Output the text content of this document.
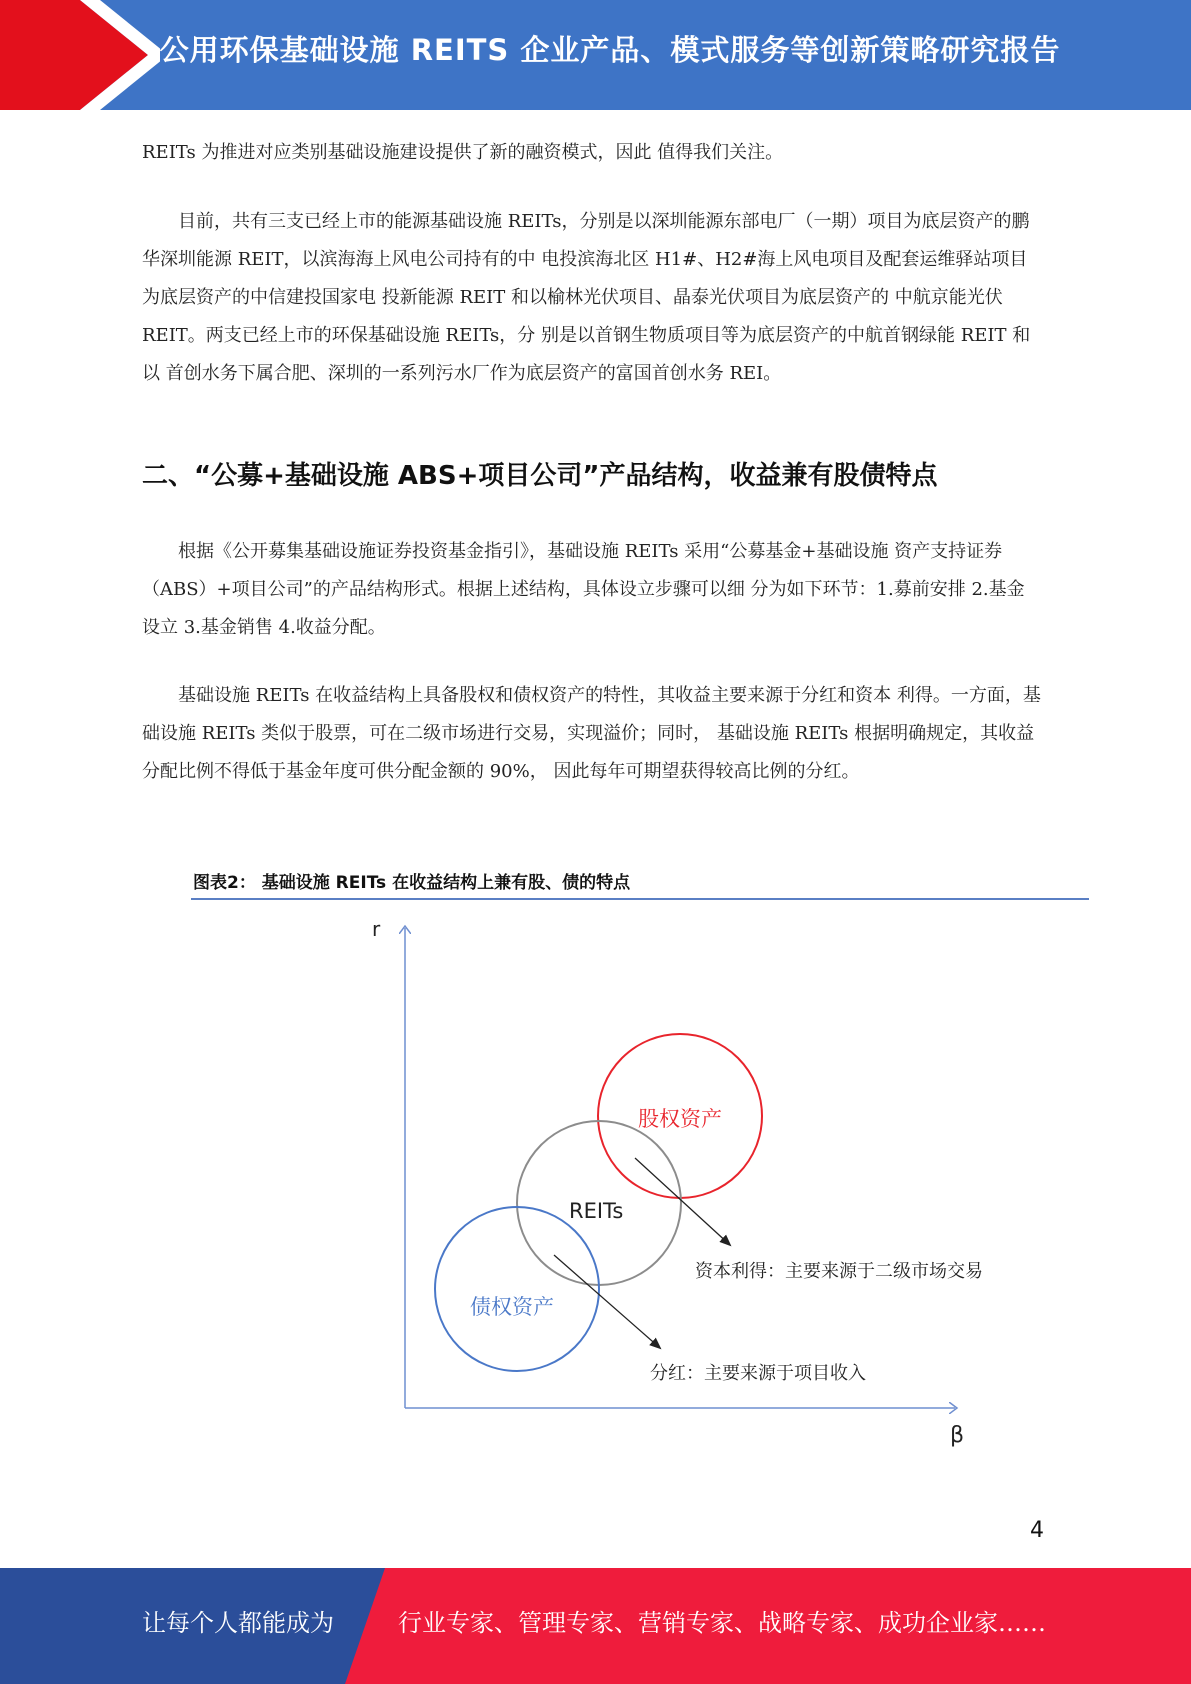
公用环保基础设施 REITS 企业产品、模式服务等创新策略研究报告

REITs 为推进对应类别基础设施建设提供了新的融资模式，因此 值得我们关注。

目前，共有三支已经上市的能源基础设施 REITs，分别是以深圳能源东部电厂（一期）项目为底层资产的鹏华深圳能源 REIT，以滨海海上风电公司持有的中 电投滨海北区 H1#、H2#海上风电项目及配套运维驿站项目为底层资产的中信建投国家电 投新能源 REIT 和以榆林光伏项目、晶泰光伏项目为底层资产的 中航京能光伏 REIT。两支已经上市的环保基础设施 REITs，分 别是以首钢生物质项目等为底层资产的中航首钢绿能 REIT 和以 首创水务下属合肥、深圳的一系列污水厂作为底层资产的富国首创水务 REI。

二、“公募+基础设施 ABS+项目公司”产品结构，收益兼有股债特点

根据《公开募集基础设施证券投资基金指引》，基础设施 REITs 采用“公募基金+基础设施 资产支持证券（ABS）+项目公司”的产品结构形式。根据上述结构，具体设立步骤可以细 分为如下环节：1.募前安排 2.基金设立 3.基金销售 4.收益分配。

基础设施 REITs 在收益结构上具备股权和债权资产的特性，其收益主要来源于分红和资本 利得。一方面，基础设施 REITs 类似于股票，可在二级市场进行交易，实现溢价；同时， 基础设施 REITs 根据明确规定，其收益分配比例不得低于基金年度可供分配金额的 90%， 因此每年可期望获得较高比例的分红。

图表2： 基础设施 REITs 在收益结构上兼有股、债的特点
r
β
股权资产
REITs
债权资产
资本利得：主要来源于二级市场交易
分红：主要来源于项目收入
4
让每个人都能成为	行业专家、管理专家、营销专家、战略专家、成功企业家……
